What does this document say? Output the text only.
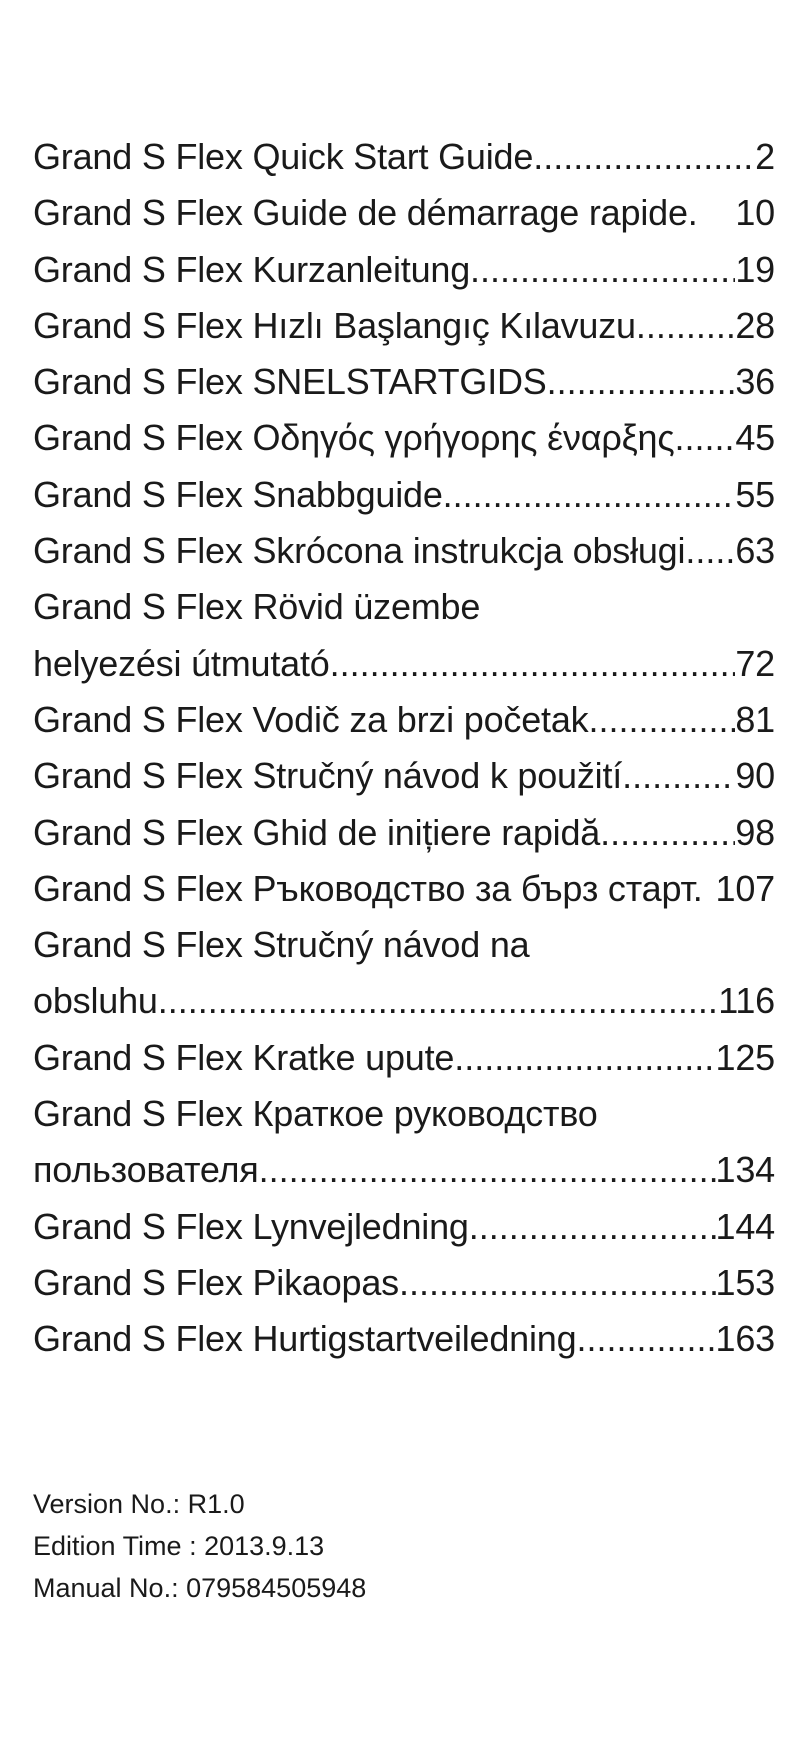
Grand S Flex Quick Start Guide .....	2
Grand S Flex Guide de démarrage rapide. 10
Grand S Flex Kurzanleitung .....	19
Grand S Flex Hızlı Başlangıç Kılavuzu .....	28
Grand S Flex SNELSTARTGIDS .....	36
Grand S Flex Οδηγός γρήγορης έναρξης ..... 45
Grand S Flex Snabbguide .....	55
Grand S Flex Skrócona instrukcja obsługi ..... 63
Grand S Flex Rövid üzembe
helyezési útmutató .....	72
Grand S Flex Vodič za brzi početak .....	81
Grand S Flex Stručný návod k použití .....	90
Grand S Flex Ghid de inițiere rapidă .....	98
Grand S Flex Ръководство за бърз старт. 107
Grand S Flex Stručný návod na
obsluhu .....	116
Grand S Flex Kratke upute .....	125
Grand S Flex Краткое руководство
пользователя .....	134
Grand S Flex Lynvejledning .....	144
Grand S Flex Pikaopas .....	153
Grand S Flex Hurtigstartveiledning .....	163
Version No.: R1.0
Edition Time : 2013.9.13
Manual No.: 079584505948
